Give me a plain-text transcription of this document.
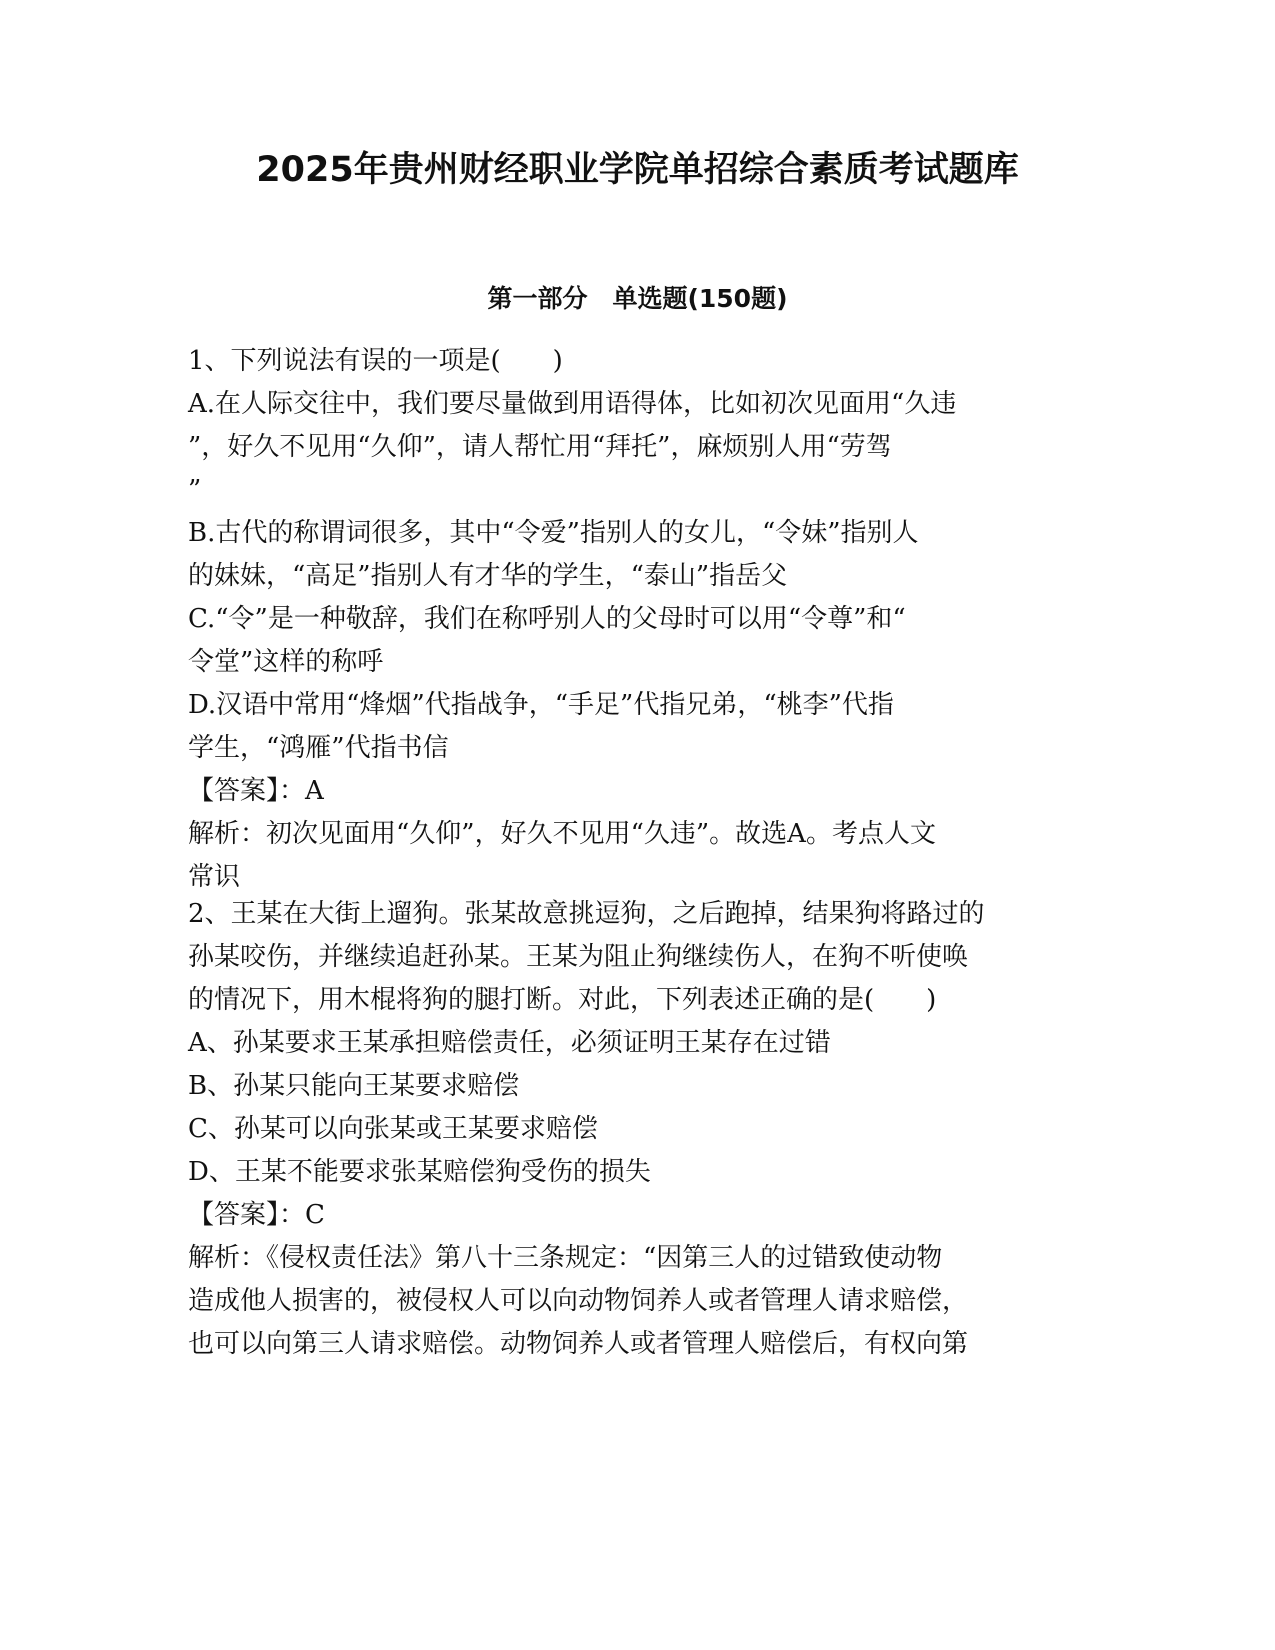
2025年贵州财经职业学院单招综合素质考试题库
第一部分　单选题(150题)
1、下列说法有误的一项是(　　)
A.在人际交往中，我们要尽量做到用语得体，比如初次见面用“久违
”，好久不见用“久仰”，请人帮忙用“拜托”，麻烦别人用“劳驾
”
B.古代的称谓词很多，其中“令爱”指别人的女儿，“令妹”指别人
的妹妹，“高足”指别人有才华的学生，“泰山”指岳父
C.“令”是一种敬辞，我们在称呼别人的父母时可以用“令尊”和“
令堂”这样的称呼
D.汉语中常用“烽烟”代指战争，“手足”代指兄弟，“桃李”代指
学生，“鸿雁”代指书信
【答案】：A
解析：初次见面用“久仰”，好久不见用“久违”。故选A。考点人文
常识
2、王某在大街上遛狗。张某故意挑逗狗，之后跑掉，结果狗将路过的
孙某咬伤，并继续追赶孙某。王某为阻止狗继续伤人，在狗不听使唤
的情况下，用木棍将狗的腿打断。对此，下列表述正确的是(　　)
A、孙某要求王某承担赔偿责任，必须证明王某存在过错
B、孙某只能向王某要求赔偿
C、孙某可以向张某或王某要求赔偿
D、王某不能要求张某赔偿狗受伤的损失
【答案】：C
解析：《侵权责任法》第八十三条规定：“因第三人的过错致使动物
造成他人损害的，被侵权人可以向动物饲养人或者管理人请求赔偿，
也可以向第三人请求赔偿。动物饲养人或者管理人赔偿后，有权向第
